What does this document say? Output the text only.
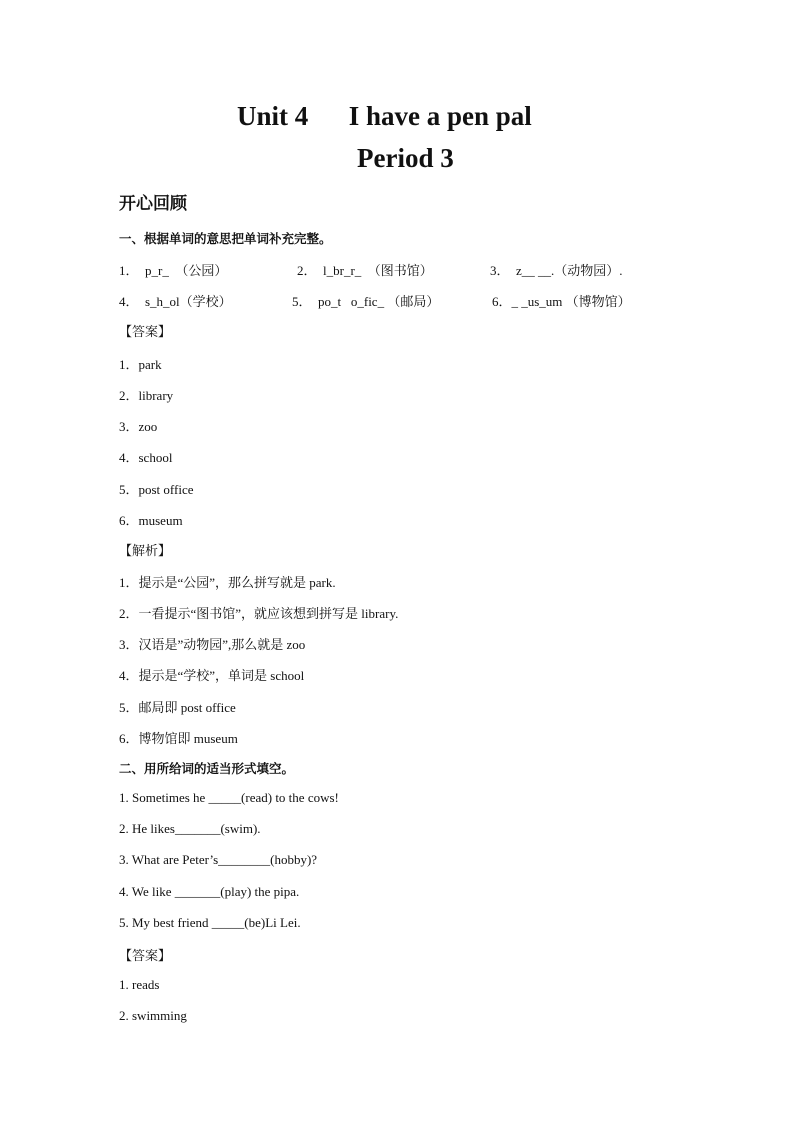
Unit 4 I have a pen pal
Period 3
开心回顾
一、根据单词的意思把单词补充完整。
1．  p_r_  （公园）	2．  l_br_r_  （图书馆）	3．  z__ __.（动物园）.
4．  s_h_ol（学校）	5．  po_t   o_fic_ （邮局）	6．_ _us_um （博物馆）
【答案】
1．park
2．library
3．zoo
4．school
5．post office
6．museum
【解析】
1．提示是“公园”，那么拼写就是 park.
2．一看提示“图书馆”，就应该想到拼写是 library.
3．汉语是”动物园”,那么就是 zoo
4．提示是“学校”，单词是 school
5．邮局即 post office
6．博物馆即 museum
二、用所给词的适当形式填空。
1. Sometimes he _____(read) to the cows!
2. He likes_______(swim).
3. What are Peter’s________(hobby)?
4. We like _______(play) the pipa.
5. My best friend _____(be)Li Lei.
【答案】
1. reads
2. swimming
